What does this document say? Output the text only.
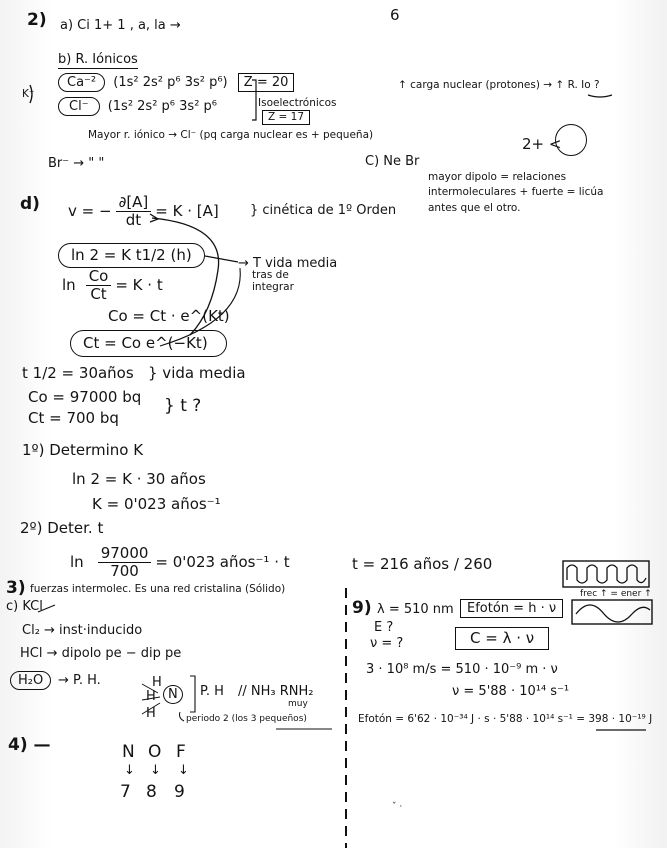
6
2) a) Ci 1+ 1 , a, la →
b) R. Iónicos
K⁺
Ca⁻² (1s² 2s² p⁶ 3s² p⁶) Z = 20
Cl⁻ (1s² 2s² p⁶ 3s² p⁶	Isoelectrónicos
Z = 17
↑ carga nuclear (protones) → ↑ R. Io ?
Mayor r. iónico → Cl⁻ (pq carga nuclear es + pequeña)	2+ <
Br⁻ → " "	C) Ne Br
mayor dipolo = relaciones
intermoleculares + fuerte = licúa
antes que el otro.
d) v = − $\frac{\partial[A]}{dt} = K \cdot [A]$ } cinética de 1º Orden
ln 2 = K t1/2 (h)	→ T vida media
tras de
integrar
$\ln \frac{Co}{Ct} = K \cdot t$
Co = Ct · e^(Kt)
Ct = Co e^(−Kt)
t 1/2 = 30años } vida media
Co = 97000 bq
Ct = 700 bq
} t ?
1º) Determino K
ln 2 = K · 30 años
K = 0'023 años⁻¹
2º) Deter. t
$\ln \frac{97000}{700} = 0'023$ años⁻¹ · t	t = 216 años / 260
3) fuerzas intermolec. Es una red cristalina (Sólido)
c) KCl
Cl₂ → inst·inducido
HCl → dipolo pe − dip pe
H₂O	→ P. H.	H
H
H
N	P. H // NH₃ RNH₂
muy
periodo 2 (los 3 pequeños)
4) —	N O F
↓ ↓ ↓
7 8 9
9) λ = 510 nm	Efotón = h · ν
E ?
ν = ?	C = λ · ν
3 · 10⁸ m/s = 510 · 10⁻⁹ m · ν
ν = 5'88 · 10¹⁴ s⁻¹
Efotón = 6'62 · 10⁻³⁴ J · s · 5'88 · 10¹⁴ s⁻¹ = 398 · 10⁻¹⁹ J
frec ↑ = ener ↑
ˇ ·
